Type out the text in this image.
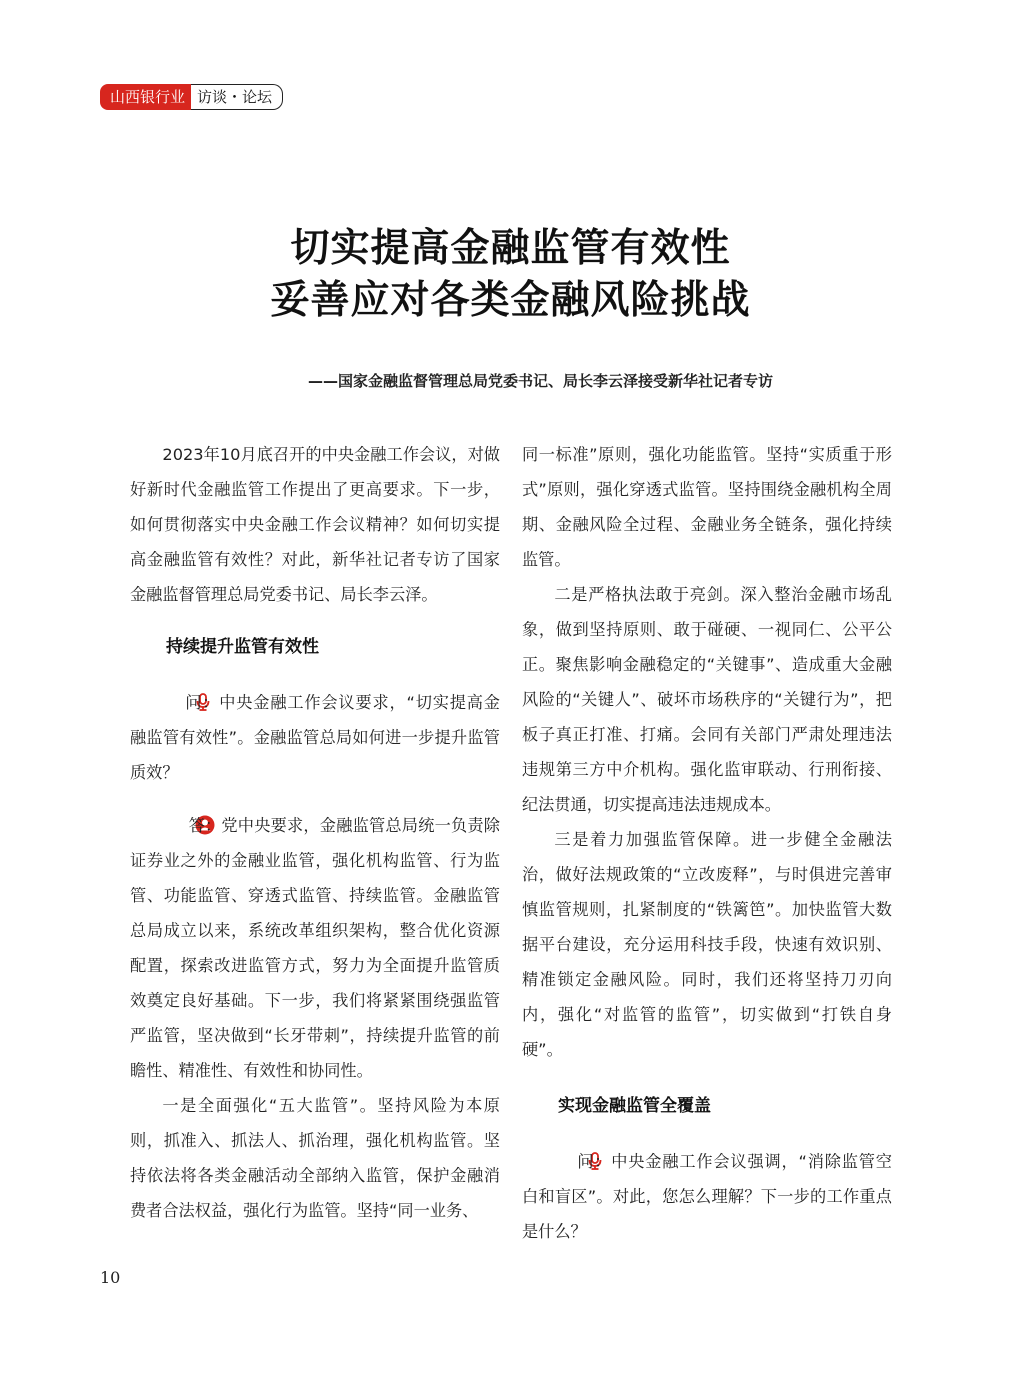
山西银行业 访谈・论坛
切实提高金融监管有效性
妥善应对各类金融风险挑战
——国家金融监督管理总局党委书记、局长李云泽接受新华社记者专访

2023年10月底召开的中央金融工作会议，对做好新时代金融监管工作提出了更高要求。下一步，如何贯彻落实中央金融工作会议精神？如何切实提高金融监管有效性？对此，新华社记者专访了国家金融监督管理总局党委书记、局长李云泽。

持续提升监管有效性

问：中央金融工作会议要求，“切实提高金融监管有效性”。金融监管总局如何进一步提升监管质效？

答：党中央要求，金融监管总局统一负责除证券业之外的金融业监管，强化机构监管、行为监管、功能监管、穿透式监管、持续监管。金融监管总局成立以来，系统改革组织架构，整合优化资源配置，探索改进监管方式，努力为全面提升监管质效奠定良好基础。下一步，我们将紧紧围绕强监管严监管，坚决做到“长牙带刺”，持续提升监管的前瞻性、精准性、有效性和协同性。

一是全面强化“五大监管”。坚持风险为本原则，抓准入、抓法人、抓治理，强化机构监管。坚持依法将各类金融活动全部纳入监管，保护金融消费者合法权益，强化行为监管。坚持“同一业务、

同一标准”原则，强化功能监管。坚持“实质重于形式”原则，强化穿透式监管。坚持围绕金融机构全周期、金融风险全过程、金融业务全链条，强化持续监管。

二是严格执法敢于亮剑。深入整治金融市场乱象，做到坚持原则、敢于碰硬、一视同仁、公平公正。聚焦影响金融稳定的“关键事”、造成重大金融风险的“关键人”、破坏市场秩序的“关键行为”，把板子真正打准、打痛。会同有关部门严肃处理违法违规第三方中介机构。强化监审联动、行刑衔接、纪法贯通，切实提高违法违规成本。

三是着力加强监管保障。进一步健全金融法治，做好法规政策的“立改废释”，与时俱进完善审慎监管规则，扎紧制度的“铁篱笆”。加快监管大数据平台建设，充分运用科技手段，快速有效识别、精准锁定金融风险。同时，我们还将坚持刀刃向内，强化“对监管的监管”，切实做到“打铁自身硬”。

实现金融监管全覆盖

问：中央金融工作会议强调，“消除监管空白和盲区”。对此，您怎么理解？下一步的工作重点是什么？

10
